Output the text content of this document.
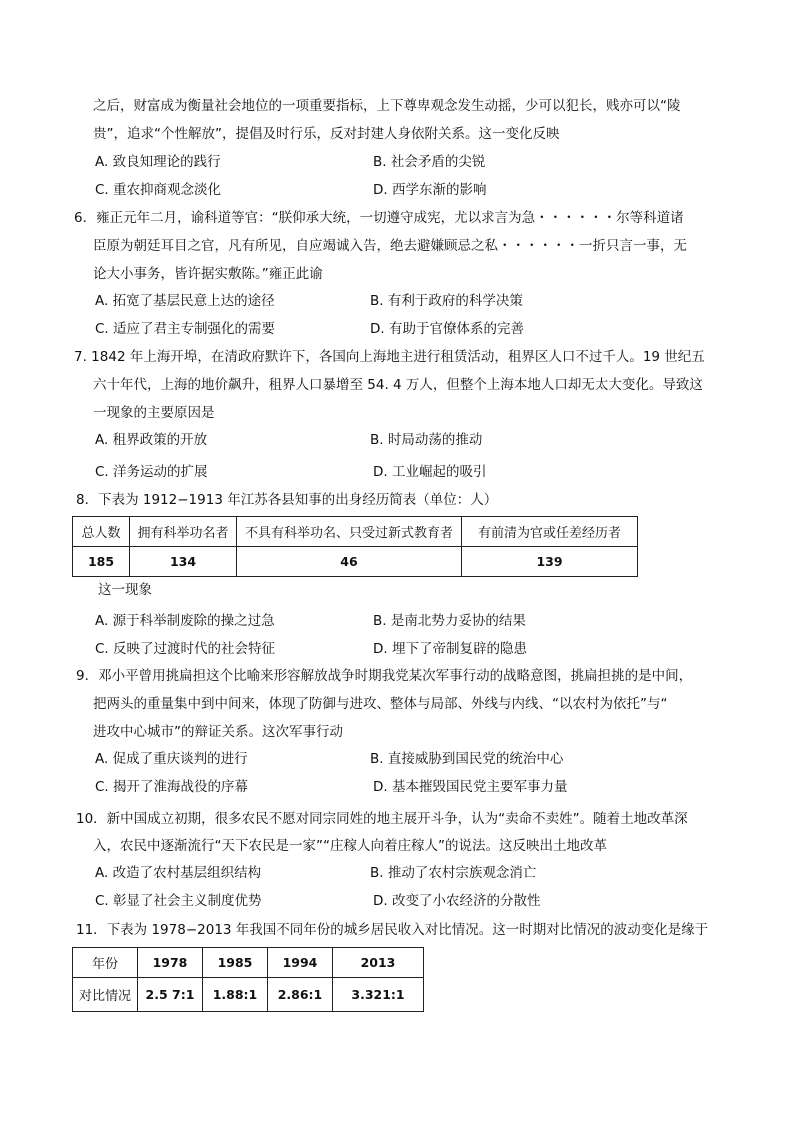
之后，财富成为衡量社会地位的一项重要指标，上下尊卑观念发生动摇，少可以犯长，贱亦可以“陵
贵”，追求“个性解放”，提倡及时行乐，反对封建人身依附关系。这一变化反映
A. 致良知理论的践行	B. 社会矛盾的尖锐
C. 重农抑商观念淡化	D. 西学东渐的影响
6．雍正元年二月，谕科道等官：“朕仰承大统，一切遵守成宪，尤以求言为急・・・・・・尔等科道诸
臣原为朝廷耳目之官，凡有所见，自应竭诚入告，绝去避嫌顾忌之私・・・・・・一折只言一事，无
论大小事务，皆许据实敷陈。”雍正此谕
A. 拓宽了基层民意上达的途径	B. 有利于政府的科学决策
C. 适应了君主专制强化的需要	D. 有助于官僚体系的完善
7. 1842 年上海开埠，在清政府默许下，各国向上海地主进行租赁活动，租界区人口不过千人。19 世纪五
六十年代，上海的地价飙升，租界人口暴增至 54. 4 万人，但整个上海本地人口却无太大变化。导致这
一现象的主要原因是
A. 租界政策的开放	B. 时局动荡的推动
C. 洋务运动的扩展	D. 工业崛起的吸引
8．下表为 1912−1913 年江苏各县知事的出身经历简表（单位：人）
总人数	拥有科举功名者	不具有科举功名、只受过新式教育者	有前清为官或任差经历者
185	134	46	139
这一现象
A. 源于科举制废除的操之过急	B. 是南北势力妥协的结果
C. 反映了过渡时代的社会特征	D. 埋下了帝制复辟的隐患
9．邓小平曾用挑扁担这个比喻来形容解放战争时期我党某次军事行动的战略意图，挑扁担挑的是中间，
把两头的重量集中到中间来，体现了防御与进攻、整体与局部、外线与内线、“以农村为依托”与“
进攻中心城市”的辩证关系。这次军事行动
A. 促成了重庆谈判的进行	B. 直接威胁到国民党的统治中心
C. 揭开了淮海战役的序幕	D. 基本摧毁国民党主要军事力量
10．新中国成立初期，很多农民不愿对同宗同姓的地主展开斗争，认为“卖命不卖姓”。随着土地改革深
入，农民中逐渐流行“天下农民是一家”“庄稼人向着庄稼人”的说法。这反映出土地改革
A. 改造了农村基层组织结构	B. 推动了农村宗族观念消亡
C. 彰显了社会主义制度优势	D. 改变了小农经济的分散性
11．下表为 1978−2013 年我国不同年份的城乡居民收入对比情况。这一时期对比情况的波动变化是缘于
年份	1978	1985	1994	2013
对比情况	2.5 7:1	1.88:1	2.86:1	3.321:1
